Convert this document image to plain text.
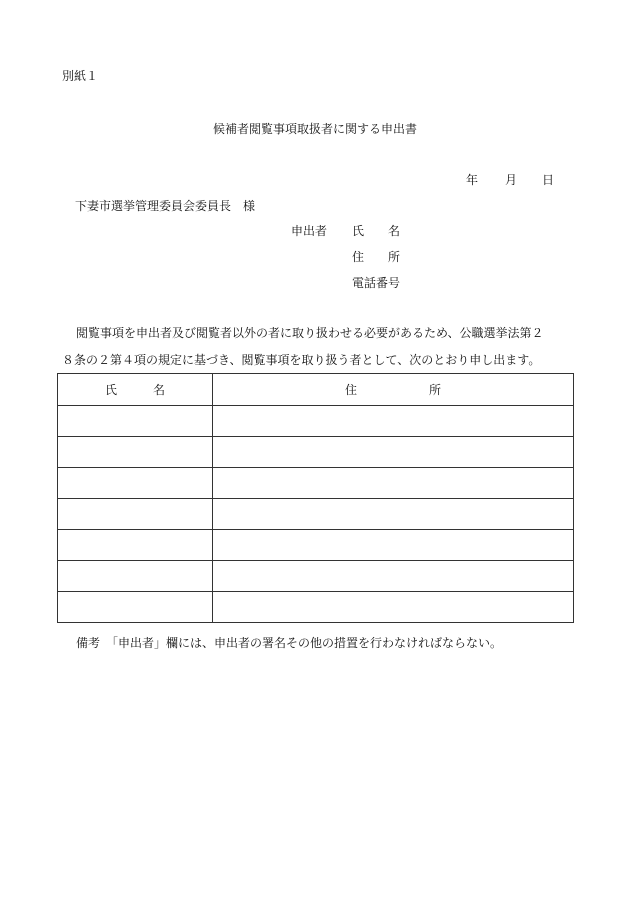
別紙１
候補者閲覧事項取扱者に関する申出書
年 月 日
下妻市選挙管理委員会委員長　様
申出者 氏　　名
住　　所
電話番号
閲覧事項を申出者及び閲覧者以外の者に取り扱わせる必要があるため、公職選挙法第２
８条の２第４項の規定に基づき、閲覧事項を取り扱う者として、次のとおり申し出ます。
氏　　　名	住　　　　　　所

備考　「申出者」欄には、申出者の署名その他の措置を行わなければならない。
